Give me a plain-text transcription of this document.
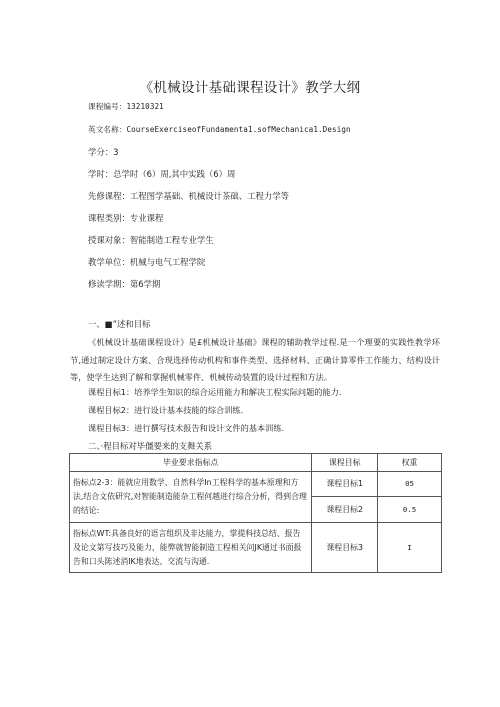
《机械设计基础课程设计》教学大纲
课程编号：13210321
英文名称：CourseExerciseofFundamenta1.sofMechanica1.Design
学分：3
学时：总学时（6）周,其中实践（6）周
先修课程：工程图学基础、机械设计茶础、工程力学等
课程类别：专业课程
授课对象：智能制造工程专业学生
教学单位：机械与电气工程学院
修读学期：第6学期
一、■”述和目标
《机械设计基础课程设计》是£机械设计基础》课程的辅助教学过程.是一个理要的实践性教学环节,通过制定设计方案、合现选择传动机构和事件类型、选择材料、正确计算零件工作能力、结构设计等，使学生达到了解和掌握机械零件、机械传动装置的设计过程和方法。
课程目标1：培养学生知识的综合运用能力和解决工程实际问题的能力.
课程目标2：进行设计基本技能的综合训练.
课程目标3：进行撰写技术报告和设计文件的基本训练.
二、·程目标对毕僵要来的支舞关系
毕业要求指标点	课程目标	权重
指标点2-3：能就应用数学、自然科学In工程科学的基本原理和方法,结合文依研究,对智能制造能杂工程何越进行综合分析，得到合理的结论:	课程目标1	05
	课程目标2	0.5
指标点WT:具备良好的语言组织及非达能力，掌提科技总结、报告及论文第写技巧及能力，能弊就智能制造工程相关问JK通过书面报告和口头陈述消IK地表达、交流与沟通.	课程目标3	I
